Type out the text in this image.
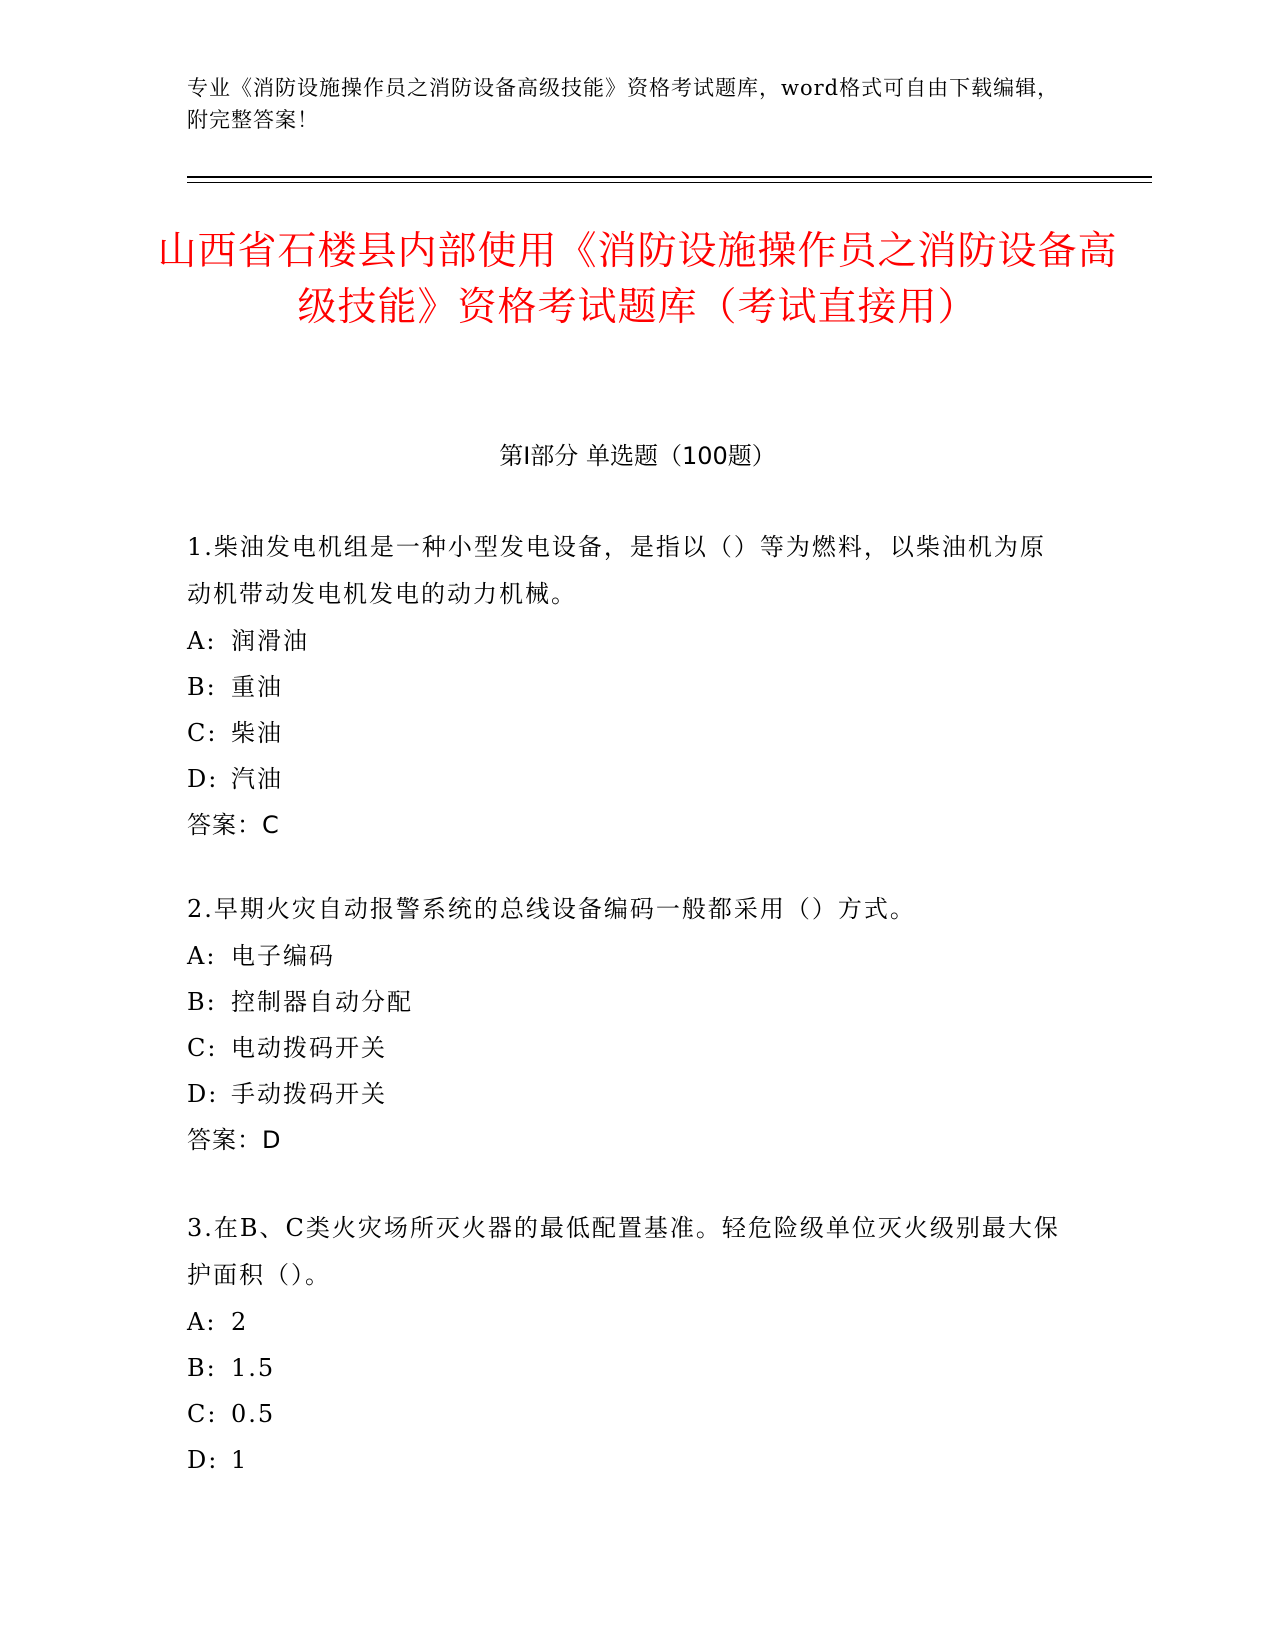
专业《消防设施操作员之消防设备高级技能》资格考试题库，word格式可自由下载编辑，附完整答案！
山西省石楼县内部使用《消防设施操作员之消防设备高级技能》资格考试题库（考试直接用）
第I部分 单选题（100题）
1.柴油发电机组是一种小型发电设备，是指以（）等为燃料，以柴油机为原动机带动发电机发电的动力机械。
A: 润滑油
B: 重油
C: 柴油
D: 汽油
答案：C
2.早期火灾自动报警系统的总线设备编码一般都采用（）方式。
A: 电子编码
B: 控制器自动分配
C: 电动拨码开关
D: 手动拨码开关
答案：D
3.在B、C类火灾场所灭火器的最低配置基准。轻危险级单位灭火级别最大保护面积（）。
A: 2
B: 1.5
C: 0.5
D: 1
